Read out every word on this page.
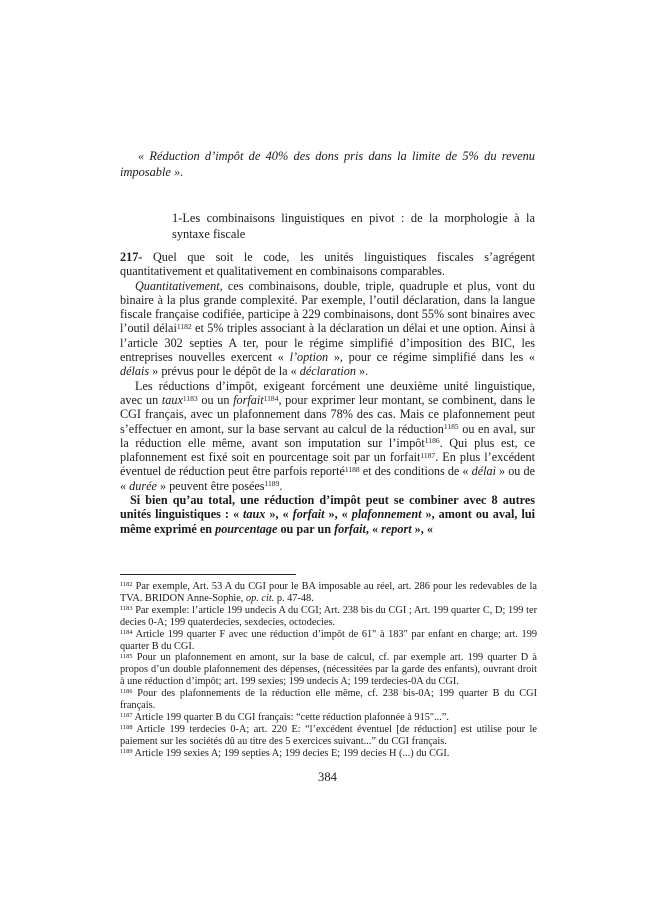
« Réduction d’impôt de 40% des dons pris dans la limite de 5% du revenu imposable ».
1-Les combinaisons linguistiques en pivot : de la morphologie à la syntaxe fiscale

217- Quel que soit le code, les unités linguistiques fiscales s’agrégent quantitativement et qualitativement en combinaisons comparables.

Quantitativement, ces combinaisons, double, triple, quadruple et plus, vont du binaire à la plus grande complexité. Par exemple, l’outil déclaration, dans la langue fiscale française codifiée, participe à 229 combinaisons, dont 55% sont binaires avec l’outil délai$^{1182}$ et 5% triples associant à la déclaration un délai et une option. Ainsi à l’article 302 septies A ter, pour le régime simplifié d’imposition des BIC, les entreprises nouvelles exercent « l’option », pour ce régime simplifié dans les « délais » prévus pour le dépôt de la « déclaration ».

Les réductions d’impôt, exigeant forcément une deuxième unité linguistique, avec un taux$^{1183}$ ou un forfait$^{1184}$, pour exprimer leur montant, se combinent, dans le CGI français, avec un plafonnement dans 78% des cas. Mais ce plafonnement peut s’effectuer en amont, sur la base servant au calcul de la réduction$^{1185}$ ou en aval, sur la réduction elle même, avant son imputation sur l’impôt$^{1186}$. Qui plus est, ce plafonnement est fixé soit en pourcentage soit par un forfait$^{1187}$. En plus l’excédent éventuel de réduction peut être parfois reporté$^{1188}$ et des conditions de « délai » ou de « durée » peuvent être posées$^{1189}$.

Si bien qu’au total, une réduction d’impôt peut se combiner avec 8 autres unités linguistiques : « taux », « forfait », « plafonnement », amont ou aval, lui même exprimé en pourcentage ou par un forfait, « report », «

$^{1182}$ Par exemple, Art. 53 A du CGI pour le BA imposable au réel, art. 286 pour les redevables de la TVA. BRIDON Anne-Sophie, op. cit. p. 47-48.

$^{1183}$ Par exemple: l’article 199 undecis A du CGI; Art. 238 bis du CGI ; Art. 199 quarter C, D; 199 ter decies 0-A; 199 quaterdecies, sexdecies, octodecies.

$^{1184}$ Article 199 quarter F avec une réduction d’impôt de 61" à 183" par enfant en charge; art. 199 quarter B du CGI.

$^{1185}$ Pour un plafonnement en amont, sur la base de calcul, cf. par exemple art. 199 quarter D à propos d’un double plafonnement des dépenses, (nécessitées par la garde des enfants), ouvrant droit à une réduction d’impôt; art. 199 sexies; 199 undecis A; 199 terdecies-0A du CGI.

$^{1186}$ Pour des plafonnements de la réduction elle même, cf. 238 bis-0A; 199 quarter B du CGI français.

$^{1187}$ Article 199 quarter B du CGI français: “cette réduction plafonnée à 915"...”.

$^{1188}$ Article 199 terdecies 0-A; art. 220 E: “l’excédent éventuel [de réduction] est utilise pour le paiement sur les sociétés dû au titre des 5 exercices suivant...” du CGI français.

$^{1189}$ Article 199 sexies A; 199 septies A; 199 decies E; 199 decies H (...) du CGI.

384
